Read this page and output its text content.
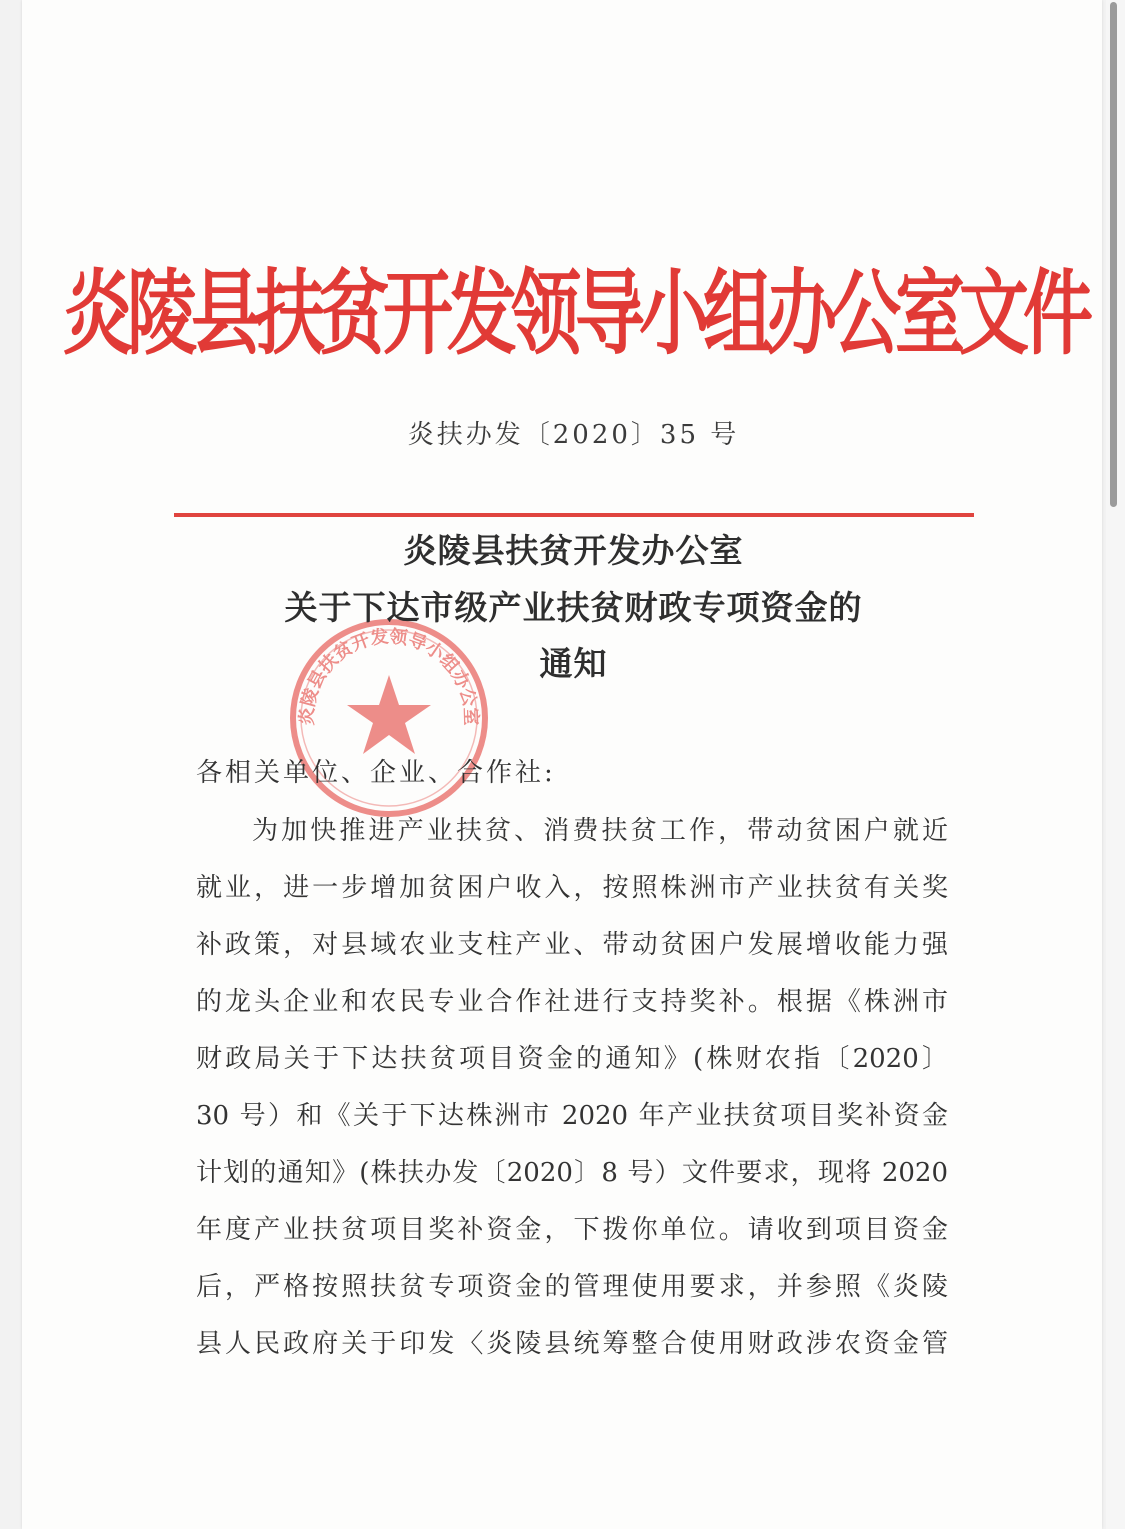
炎陵县扶贫开发领导小组办公室文件
炎扶办发〔2020〕35 号
炎陵县扶贫开发领导小组办公室
炎陵县扶贫开发办公室
关于下达市级产业扶贫财政专项资金的
通知
各相关单位、企业、合作社:
为加快推进产业扶贫、消费扶贫工作，带动贫困户就近
就业，进一步增加贫困户收入，按照株洲市产业扶贫有关奖
补政策，对县域农业支柱产业、带动贫困户发展增收能力强
的龙头企业和农民专业合作社进行支持奖补。根据《株洲市
财政局关于下达扶贫项目资金的通知》(株财农指〔2020〕
30 号）和《关于下达株洲市 2020 年产业扶贫项目奖补资金
计划的通知》(株扶办发〔2020〕8 号）文件要求，现将 2020
年度产业扶贫项目奖补资金，下拨你单位。请收到项目资金
后，严格按照扶贫专项资金的管理使用要求，并参照《炎陵
县人民政府关于印发〈炎陵县统筹整合使用财政涉农资金管
